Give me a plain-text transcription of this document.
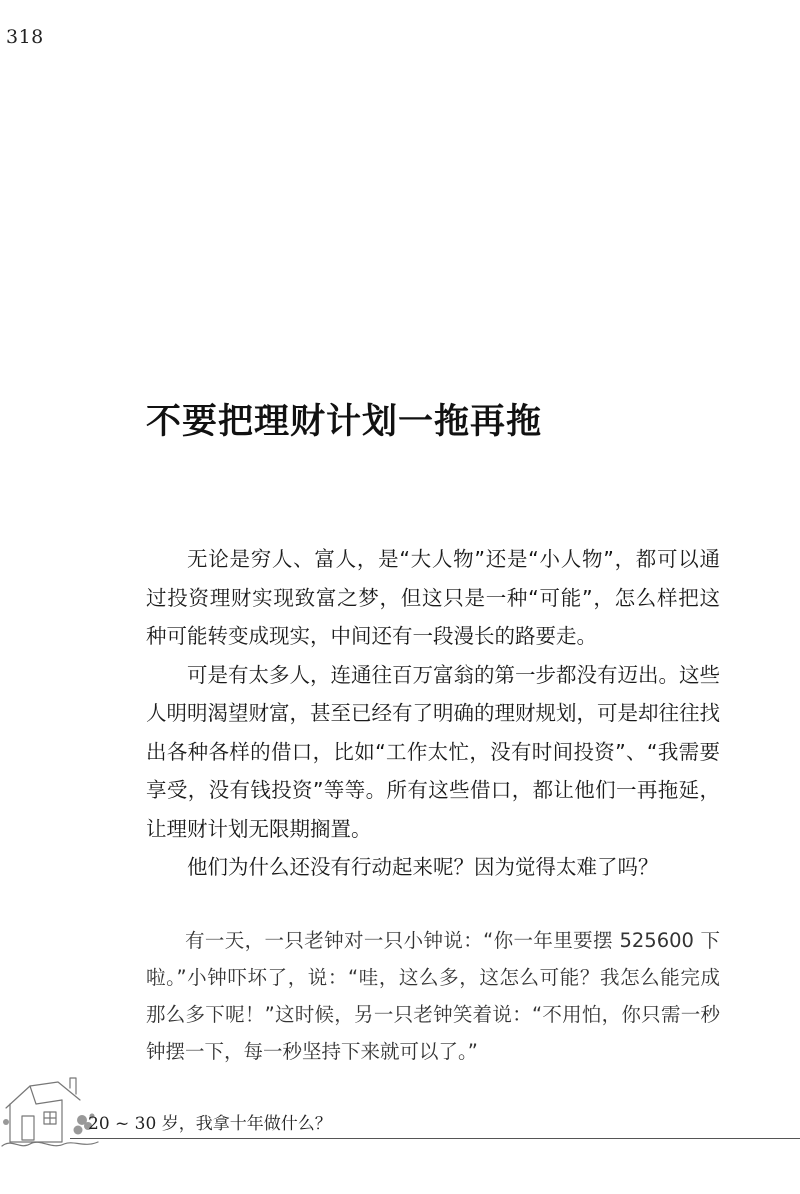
318
不要把理财计划一拖再拖

无论是穷人、富人，是“大人物”还是“小人物”，都可以通过投资理财实现致富之梦，但这只是一种“可能”，怎么样把这种可能转变成现实，中间还有一段漫长的路要走。

可是有太多人，连通往百万富翁的第一步都没有迈出。这些人明明渴望财富，甚至已经有了明确的理财规划，可是却往往找出各种各样的借口，比如“工作太忙，没有时间投资”、“我需要享受，没有钱投资”等等。所有这些借口，都让他们一再拖延，让理财计划无限期搁置。

他们为什么还没有行动起来呢？因为觉得太难了吗？

有一天，一只老钟对一只小钟说：“你一年里要摆 525600 下啦。”小钟吓坏了，说：“哇，这么多，这怎么可能？我怎么能完成那么多下呢！”这时候，另一只老钟笑着说：“不用怕，你只需一秒钟摆一下，每一秒坚持下来就可以了。”

20 ~ 30 岁，我拿十年做什么？
